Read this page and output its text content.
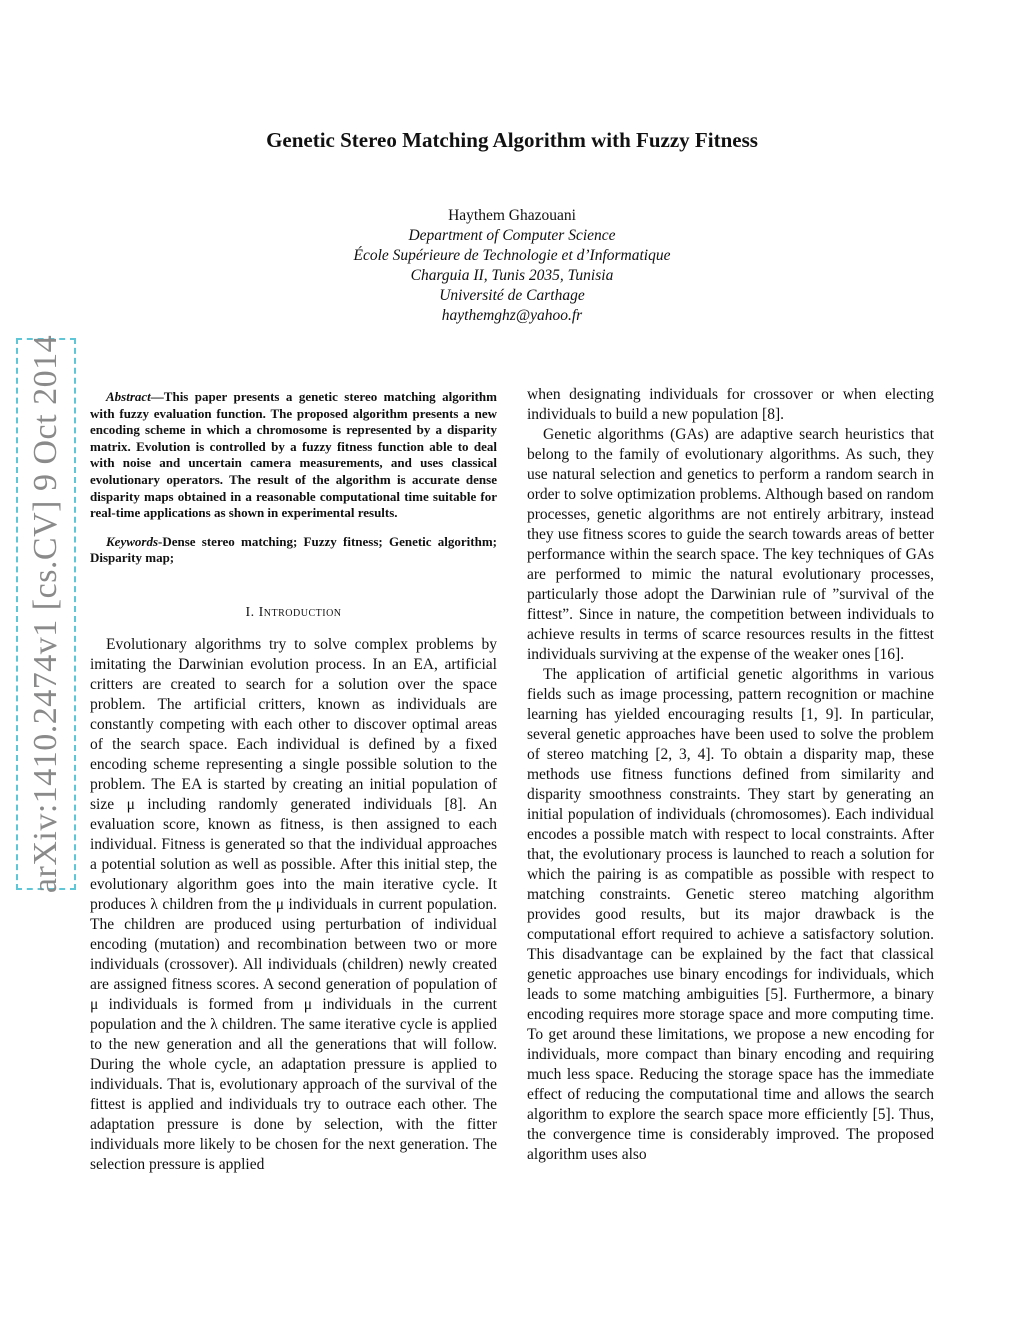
arXiv:1410.2474v1 [cs.CV] 9 Oct 2014
Genetic Stereo Matching Algorithm with Fuzzy Fitness
Haythem Ghazouani
Department of Computer Science
École Supérieure de Technologie et d’Informatique
Charguia II, Tunis 2035, Tunisia
Université de Carthage
haythemghz@yahoo.fr

Abstract—This paper presents a genetic stereo matching algorithm with fuzzy evaluation function. The proposed algorithm presents a new encoding scheme in which a chromosome is represented by a disparity matrix. Evolution is controlled by a fuzzy fitness function able to deal with noise and uncertain camera measurements, and uses classical evolutionary operators. The result of the algorithm is accurate dense disparity maps obtained in a reasonable computational time suitable for real-time applications as shown in experimental results.

Keywords-Dense stereo matching; Fuzzy fitness; Genetic algorithm; Disparity map;

I. Introduction

Evolutionary algorithms try to solve complex problems by imitating the Darwinian evolution process. In an EA, artificial critters are created to search for a solution over the space problem. The artificial critters, known as individuals are constantly competing with each other to discover optimal areas of the search space. Each individual is defined by a fixed encoding scheme representing a single possible solution to the problem. The EA is started by creating an initial population of size μ including randomly generated individuals [8]. An evaluation score, known as fitness, is then assigned to each individual. Fitness is generated so that the individual approaches a potential solution as well as possible. After this initial step, the evolutionary algorithm goes into the main iterative cycle. It produces λ children from the μ individuals in current population. The children are produced using perturbation of individual encoding (mutation) and recombination between two or more individuals (crossover). All individuals (children) newly created are assigned fitness scores. A second generation of population of μ individuals is formed from μ individuals in the current population and the λ children. The same iterative cycle is applied to the new generation and all the generations that will follow. During the whole cycle, an adaptation pressure is applied to individuals. That is, evolutionary approach of the survival of the fittest is applied and individuals try to outrace each other. The adaptation pressure is done by selection, with the fitter individuals more likely to be chosen for the next generation. The selection pressure is applied

when designating individuals for crossover or when electing individuals to build a new population [8].

Genetic algorithms (GAs) are adaptive search heuristics that belong to the family of evolutionary algorithms. As such, they use natural selection and genetics to perform a random search in order to solve optimization problems. Although based on random processes, genetic algorithms are not entirely arbitrary, instead they use fitness scores to guide the search towards areas of better performance within the search space. The key techniques of GAs are performed to mimic the natural evolutionary processes, particularly those adopt the Darwinian rule of ”survival of the fittest”. Since in nature, the competition between individuals to achieve results in terms of scarce resources results in the fittest individuals surviving at the expense of the weaker ones [16].

The application of artificial genetic algorithms in various fields such as image processing, pattern recognition or machine learning has yielded encouraging results [1, 9]. In particular, several genetic approaches have been used to solve the problem of stereo matching [2, 3, 4]. To obtain a disparity map, these methods use fitness functions defined from similarity and disparity smoothness constraints. They start by generating an initial population of individuals (chromosomes). Each individual encodes a possible match with respect to local constraints. After that, the evolutionary process is launched to reach a solution for which the pairing is as compatible as possible with respect to matching constraints. Genetic stereo matching algorithm provides good results, but its major drawback is the computational effort required to achieve a satisfactory solution. This disadvantage can be explained by the fact that classical genetic approaches use binary encodings for individuals, which leads to some matching ambiguities [5]. Furthermore, a binary encoding requires more storage space and more computing time. To get around these limitations, we propose a new encoding for individuals, more compact than binary encoding and requiring much less space. Reducing the storage space has the immediate effect of reducing the computational time and allows the search algorithm to explore the search space more efficiently [5]. Thus, the convergence time is considerably improved. The proposed algorithm uses also
